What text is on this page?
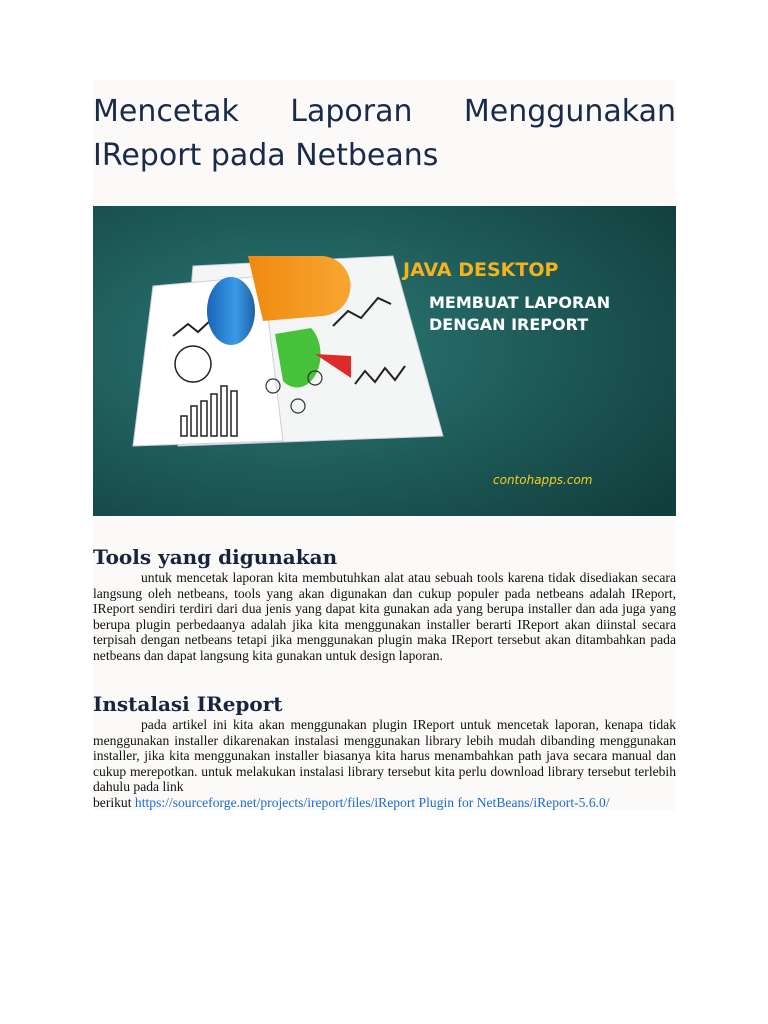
Mencetak Laporan Menggunakan
IReport pada Netbeans
JAVA DESKTOP
MEMBUAT LAPORAN
DENGAN IREPORT
contohapps.com
Tools yang digunakan

untuk mencetak laporan kita membutuhkan alat atau sebuah tools karena tidak disediakan secara langsung oleh netbeans, tools yang akan digunakan dan cukup populer pada netbeans adalah IReport, IReport sendiri terdiri dari dua jenis yang dapat kita gunakan ada yang berupa installer dan ada juga yang berupa plugin perbedaanya adalah jika kita menggunakan installer berarti IReport akan diinstal secara terpisah dengan netbeans tetapi jika menggunakan plugin maka IReport tersebut akan ditambahkan pada netbeans dan dapat langsung kita gunakan untuk design laporan.

Instalasi IReport

pada artikel ini kita akan menggunakan plugin IReport untuk mencetak laporan, kenapa tidak menggunakan installer dikarenakan instalasi menggunakan library lebih mudah dibanding menggunakan installer, jika kita menggunakan installer biasanya kita harus menambahkan path java secara manual dan cukup merepotkan. untuk melakukan instalasi library tersebut kita perlu download library tersebut terlebih dahulu pada link
berikut https://sourceforge.net/projects/ireport/files/iReport Plugin for NetBeans/iReport-5.6.0/
